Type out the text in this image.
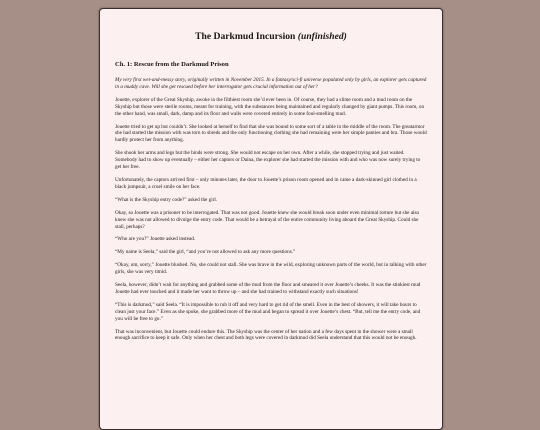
The Darkmud Incursion (unfinished)
Ch. 1: Rescue from the Darkmud Prison

My very first wet-and-messy story, originally written in November 2015. In a fantasy/sci-fi universe populated only by girls, an explorer gets captured in a muddy cave. Will she get rescued before her interrogator gets crucial information out of her?

Jouette, explorer of the Great Skyship, awoke in the filthiest room she’d ever been in. Of course, they had a slime room and a mud room on the Skyship but those were sterile rooms, meant for training, with the substances being maintained and regularly changed by giant pumps. This room, on the other hand, was small, dark, damp and its floor and walls were covered entirely in some foul-smelling mud.

Jouette tried to get up but couldn’t. She looked at herself to find that she was bound to some sort of a table in the middle of the room. The greatarmor she had started the mission with was torn to shreds and the only functioning clothing she had remaining were her simple panties and bra. Those would hardly protect her from anything.

She shook her arms and legs but the binds were strong. She would not escape on her own. After a while, she stopped trying and just waited. Somebody had to show up eventually – either her captors or Daina, the explorer she had started the mission with and who was now surely trying to get her free.

Unfortunately, the captors arrived first – only minutes later, the door to Jouette’s prison room opened and in came a dark-skinned girl clothed in a black jumpsuit, a cruel smile on her face.

“What is the Skyship entry code?” asked the girl.

Okay, so Jouette was a prisoner to be interrogated. That was not good. Jouette knew she would break soon under even minimal torture but she also knew she was not allowed to divulge the entry code. That would be a betrayal of the entire community living aboard the Great Skyship. Could she stall, perhaps?

“Who are you?” Jouette asked instead.

“My name is Seela,” said the girl, “and you’re not allowed to ask any more questions.”

“Okay, um, sorry,” Jouette blushed. No, she could not stall. She was brave in the wild, exploring unknown parts of the world, but in talking with other girls, she was very timid.

Seela, however, didn’t wait for anything and grabbed some of the mud from the floor and smeared it over Jouette’s cheeks. It was the stinkiest mud Jouette had ever touched and it made her want to throw up – and she had trained to withstand exactly such situations!

“This is darkmud,” said Seela. “It is impossible to rub it off and very hard to get rid of the smell. Even in the best of showers, it will take hours to clean just your face.” Even as she spoke, she grabbed more of the mud and began to spread it over Jouette’s chest. “But, tell me the entry code, and you will be free to go.”

That was inconvenient, but Jouette could endure this. The Skyship was the center of her nation and a few days spent in the shower were a small enough sacrifice to keep it safe. Only when her chest and both legs were covered in darkmud did Seela understand that this would not be enough.
